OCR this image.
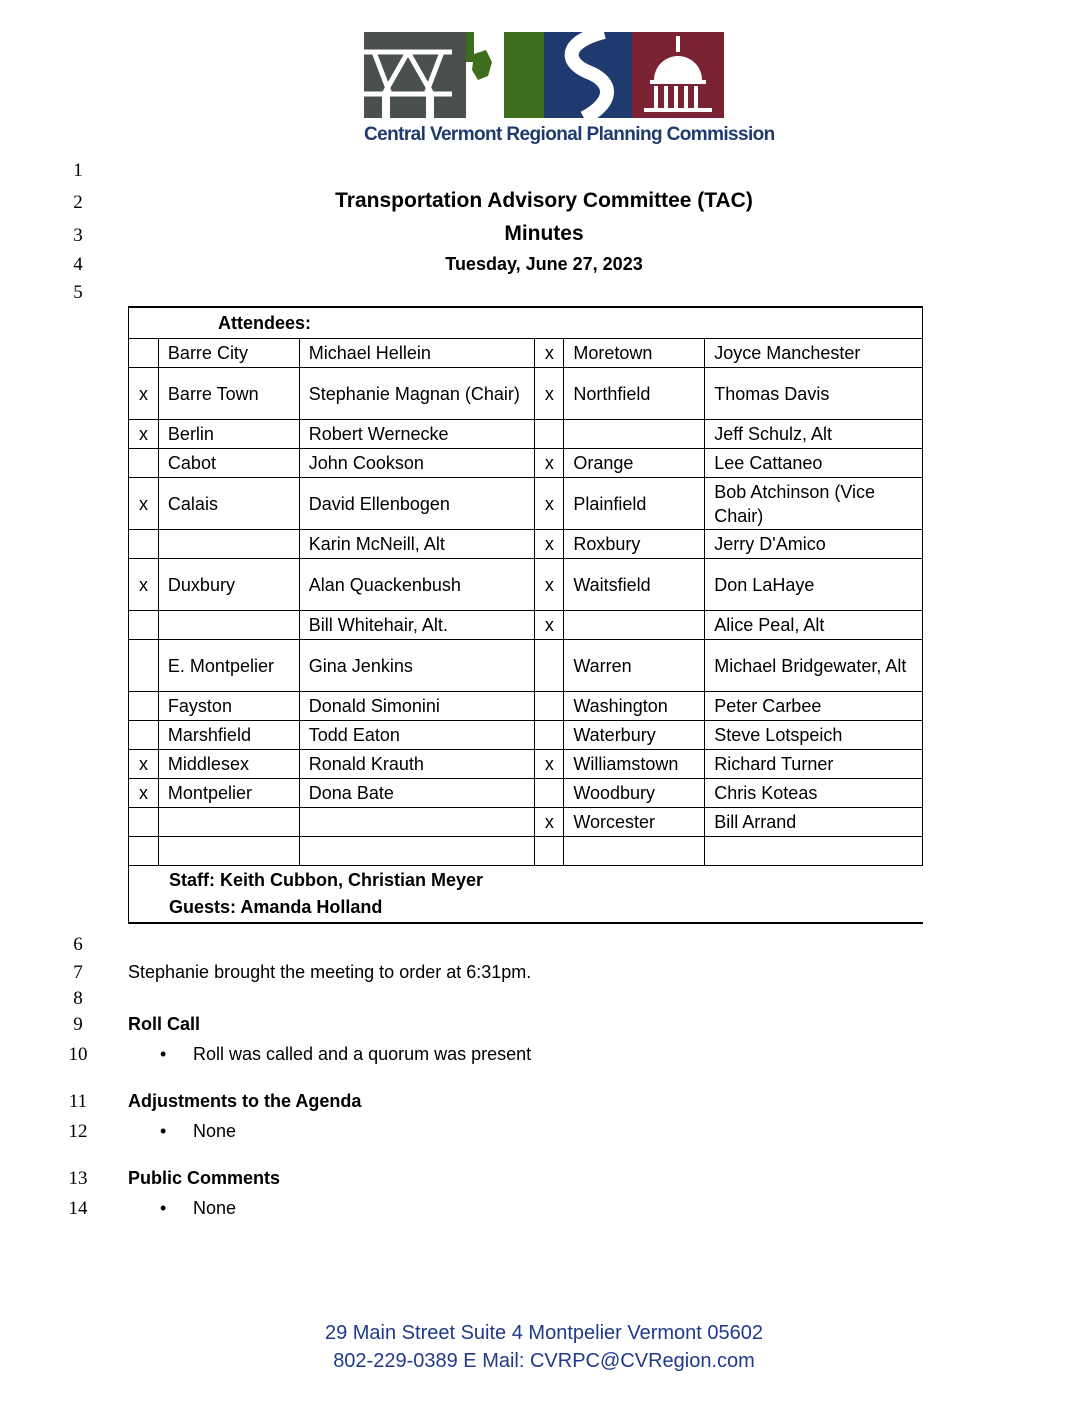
Central Vermont Regional Planning Commission
1
2
3
4
5
6
7
8
9
10
11
12
13
14
Transportation Advisory Committee (TAC)
Minutes
Tuesday, June 27, 2023
Attendees:					
	Barre City	Michael Hellein	x	Moretown	Joyce Manchester
x	Barre Town	Stephanie Magnan (Chair)	x	Northfield	Thomas Davis
x	Berlin	Robert Wernecke			Jeff Schulz, Alt
	Cabot	John Cookson	x	Orange	Lee Cattaneo
x	Calais	David Ellenbogen	x	Plainfield	Bob Atchinson (Vice Chair)
		Karin McNeill, Alt	x	Roxbury	Jerry D'Amico
x	Duxbury	Alan Quackenbush	x	Waitsfield	Don LaHaye
		Bill Whitehair, Alt.	x		Alice Peal, Alt
	E. Montpelier	Gina Jenkins		Warren	Michael Bridgewater, Alt
	Fayston	Donald Simonini		Washington	Peter Carbee
	Marshfield	Todd Eaton		Waterbury	Steve Lotspeich
x	Middlesex	Ronald Krauth	x	Williamstown	Richard Turner
x	Montpelier	Dona Bate		Woodbury	Chris Koteas
			x	Worcester	Bill Arrand

Staff: Keith Cubbon, Christian Meyer
Guests: Amanda Holland					
Stephanie brought the meeting to order at 6:31pm.
Roll Call
• Roll was called and a quorum was present
Adjustments to the Agenda
• None
Public Comments
• None
29 Main Street Suite 4 Montpelier Vermont 05602
802-229-0389 E Mail: CVRPC@CVRegion.com
